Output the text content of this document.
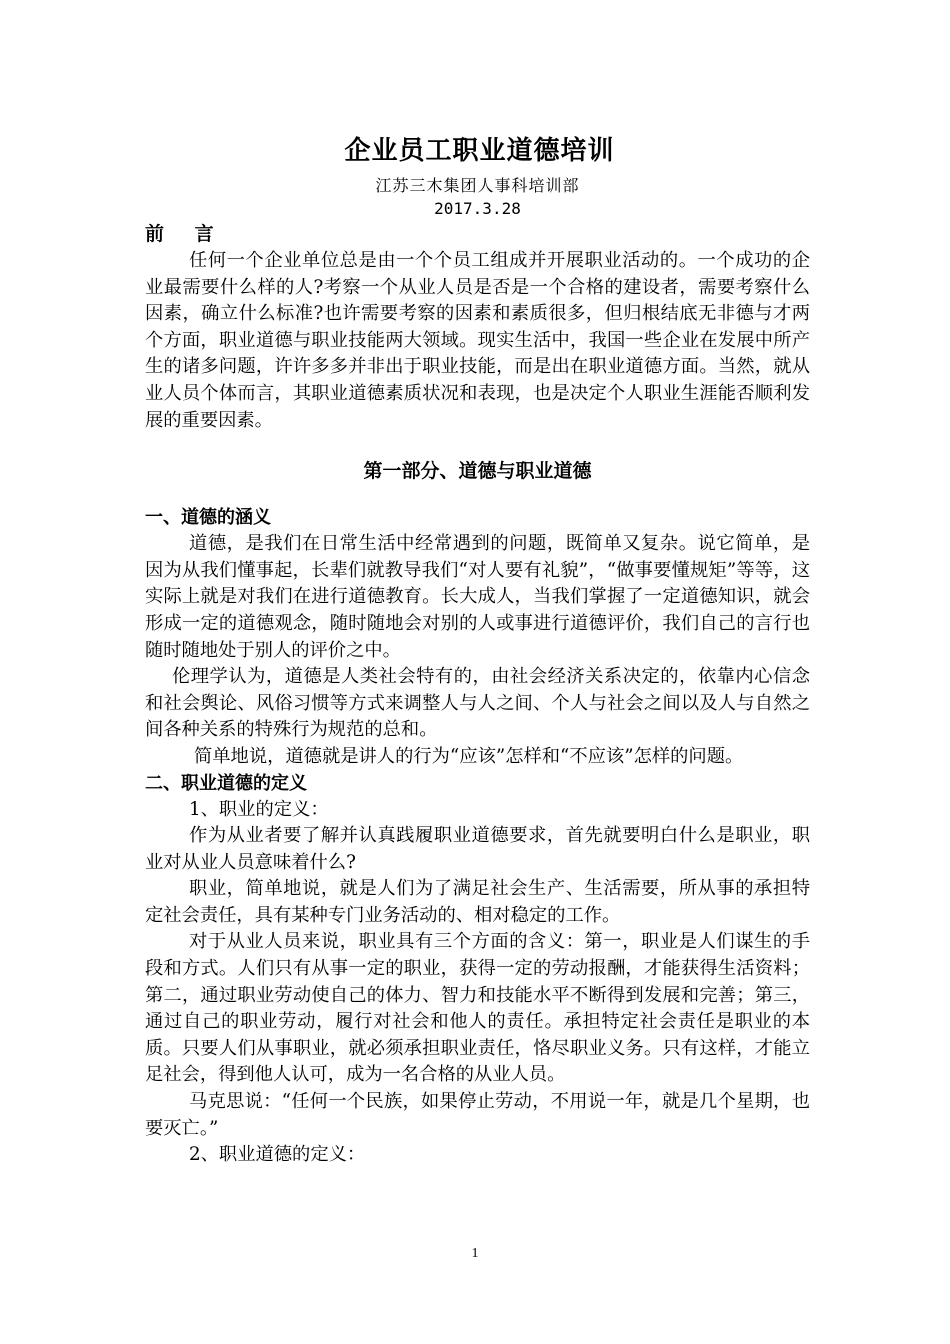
企业员工职业道德培训
江苏三木集团人事科培训部
2017.3.28
前 言

任何一个企业单位总是由一个个员工组成并开展职业活动的。一个成功的企业最需要什么样的人?考察一个从业人员是否是一个合格的建设者，需要考察什么因素，确立什么标准?也许需要考察的因素和素质很多，但归根结底无非德与才两个方面，职业道德与职业技能两大领域。现实生活中，我国一些企业在发展中所产生的诸多问题，许许多多并非出于职业技能，而是出在职业道德方面。当然，就从业人员个体而言，其职业道德素质状况和表现，也是决定个人职业生涯能否顺利发展的重要因素。

第一部分、道德与职业道德
一、道德的涵义

道德，是我们在日常生活中经常遇到的问题，既简单又复杂。说它简单，是因为从我们懂事起，长辈们就教导我们“对人要有礼貌”，“做事要懂规矩”等等，这实际上就是对我们在进行道德教育。长大成人，当我们掌握了一定道德知识，就会形成一定的道德观念，随时随地会对别的人或事进行道德评价，我们自己的言行也随时随地处于别人的评价之中。

伦理学认为，道德是人类社会特有的，由社会经济关系决定的，依靠内心信念和社会舆论、风俗习惯等方式来调整人与人之间、个人与社会之间以及人与自然之间各种关系的特殊行为规范的总和。

简单地说，道德就是讲人的行为“应该”怎样和“不应该”怎样的问题。

二、职业道德的定义
1、职业的定义：

作为从业者要了解并认真践履职业道德要求，首先就要明白什么是职业，职业对从业人员意味着什么?

职业，简单地说，就是人们为了满足社会生产、生活需要，所从事的承担特定社会责任，具有某种专门业务活动的、相对稳定的工作。

对于从业人员来说，职业具有三个方面的含义：第一，职业是人们谋生的手段和方式。人们只有从事一定的职业，获得一定的劳动报酬，才能获得生活资料；第二，通过职业劳动使自己的体力、智力和技能水平不断得到发展和完善；第三，通过自己的职业劳动，履行对社会和他人的责任。承担特定社会责任是职业的本质。只要人们从事职业，就必须承担职业责任，恪尽职业义务。只有这样，才能立足社会，得到他人认可，成为一名合格的从业人员。

马克思说：“任何一个民族，如果停止劳动，不用说一年，就是几个星期，也要灭亡。”

2、职业道德的定义：
1
